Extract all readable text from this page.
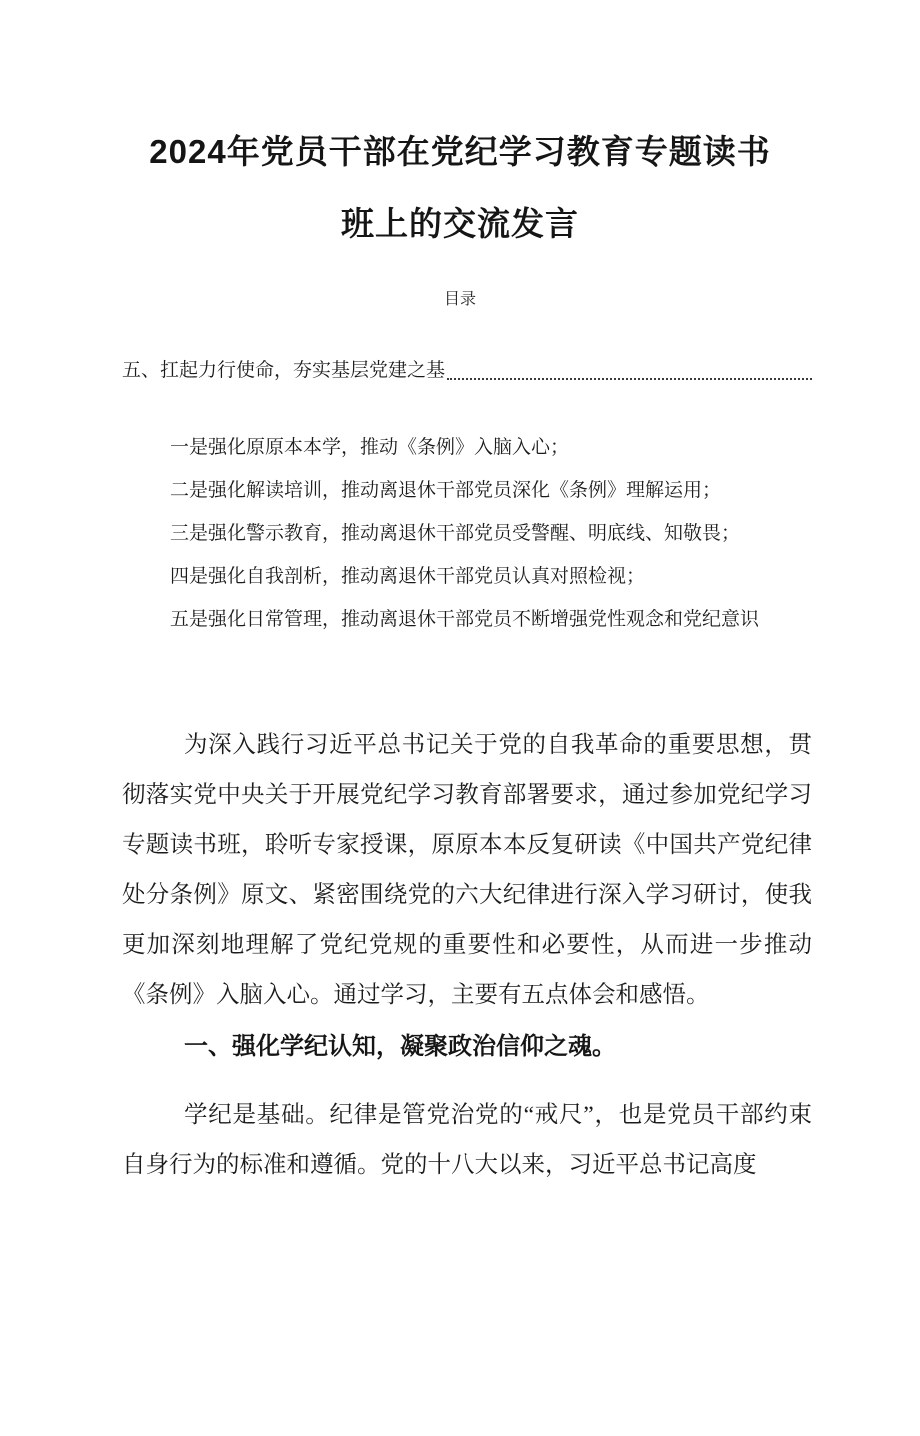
2024年党员干部在党纪学习教育专题读书
班上的交流发言
目录
五、扛起力行使命，夯实基层党建之基
一是强化原原本本学，推动《条例》入脑入心；
二是强化解读培训，推动离退休干部党员深化《条例》理解运用；
三是强化警示教育，推动离退休干部党员受警醒、明底线、知敬畏；
四是强化自我剖析，推动离退休干部党员认真对照检视；
五是强化日常管理，推动离退休干部党员不断增强党性观念和党纪意识
为深入践行习近平总书记关于党的自我革命的重要思想，贯彻落实党中央关于开展党纪学习教育部署要求，通过参加党纪学习专题读书班，聆听专家授课，原原本本反复研读《中国共产党纪律处分条例》原文、紧密围绕党的六大纪律进行深入学习研讨，使我更加深刻地理解了党纪党规的重要性和必要性，从而进一步推动《条例》入脑入心。通过学习，主要有五点体会和感悟。
一、强化学纪认知，凝聚政治信仰之魂。
学纪是基础。纪律是管党治党的“戒尺”，也是党员干部约束自身行为的标准和遵循。党的十八大以来，习近平总书记高度
